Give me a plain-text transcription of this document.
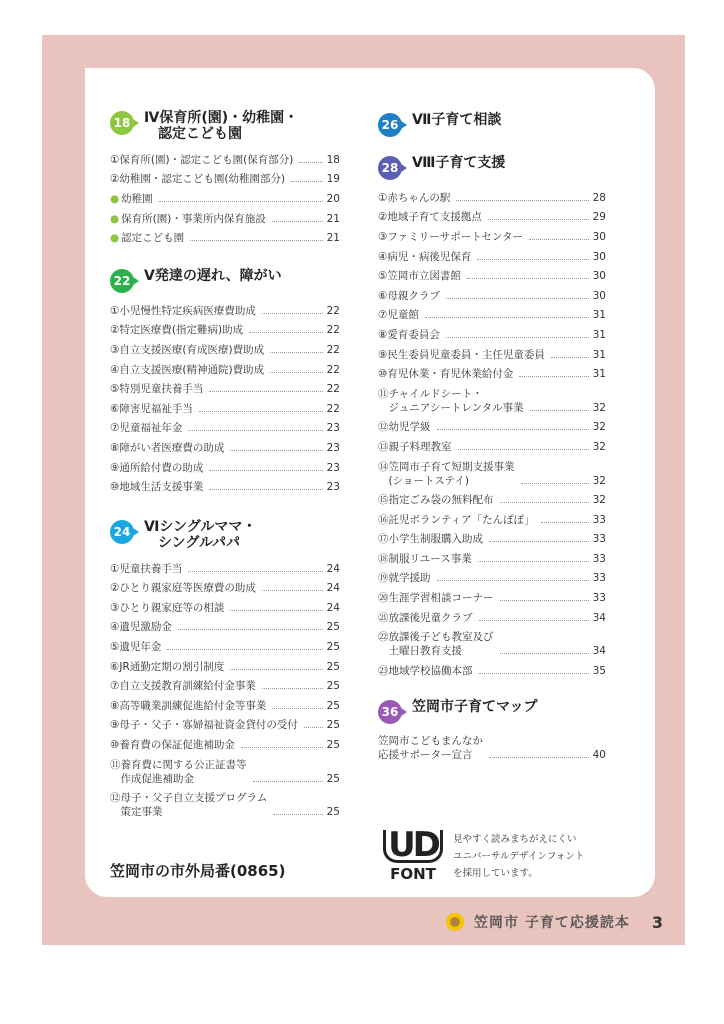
18 Ⅳ保育所(園)・幼稚園・
　認定こども園
①保育所(園)・認定こども園(保育部分)	18
②幼稚園・認定こども園(幼稚園部分)	19
● 幼稚園	20
● 保育所(園)・事業所内保育施設	21
● 認定こども園	21
22 Ⅴ発達の遅れ、障がい
①小児慢性特定疾病医療費助成	22
②特定医療費(指定難病)助成	22
③自立支援医療(育成医療)費助成	22
④自立支援医療(精神通院)費助成	22
⑤特別児童扶養手当	22
⑥障害児福祉手当	22
⑦児童福祉年金	23
⑧障がい者医療費の助成	23
⑨通所給付費の助成	23
⑩地域生活支援事業	23
24 Ⅵシングルママ・
　シングルパパ
①児童扶養手当	24
②ひとり親家庭等医療費の助成	24
③ひとり親家庭等の相談	24
④遺児激励金	25
⑤遺児年金	25
⑥JR通勤定期の割引制度	25
⑦自立支援教育訓練給付金事業	25
⑧高等職業訓練促進給付金等事業	25
⑨母子・父子・寡婦福祉資金貸付の受付	25
⑩養育費の保証促進補助金	25
⑪養育費に関する公正証書等
　作成促進補助金	25
⑫母子・父子自立支援プログラム
　策定事業	25
26 Ⅶ子育て相談
28 Ⅷ子育て支援
①赤ちゃんの駅	28
②地域子育て支援拠点	29
③ファミリーサポートセンター	30
④病児・病後児保育	30
⑤笠岡市立図書館	30
⑥母親クラブ	30
⑦児童館	31
⑧愛育委員会	31
⑨民生委員児童委員・主任児童委員	31
⑩育児休業・育児休業給付金	31
⑪チャイルドシート・
　ジュニアシートレンタル事業	32
⑫幼児学級	32
⑬親子料理教室	32
⑭笠岡市子育て短期支援事業
　(ショートステイ)	32
⑮指定ごみ袋の無料配布	32
⑯託児ボランティア「たんぽぽ」	33
⑰小学生制服購入助成	33
⑱制服リユース事業	33
⑲就学援助	33
⑳生涯学習相談コーナー	33
㉑放課後児童クラブ	34
㉒放課後子ども教室及び
　土曜日教育支援	34
㉓地域学校協働本部	35
36 笠岡市子育てマップ
笠岡市こどもまんなか
応援サポーター宣言	40
笠岡市の市外局番(0865)
UD
FONT
見やすく読みまちがえにくい
ユニバーサルデザインフォント
を採用しています。
笠岡市 子育て応援読本 3
